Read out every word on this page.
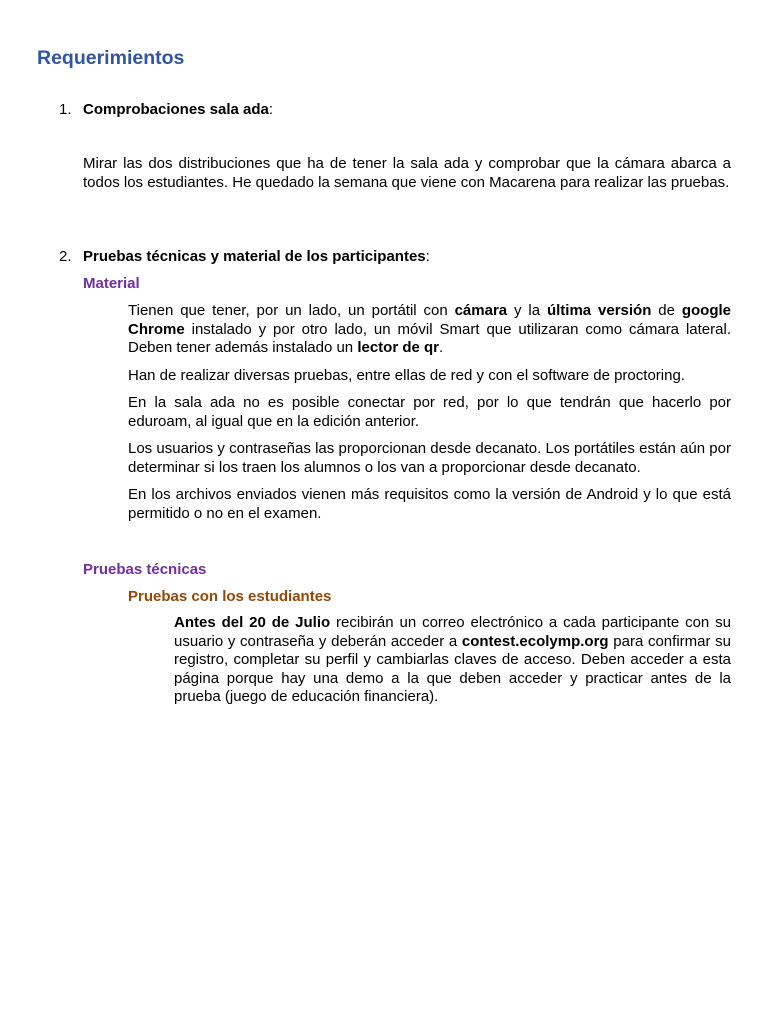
Requerimientos
1. Comprobaciones sala ada:

Mirar las dos distribuciones que ha de tener la sala ada y comprobar que la cámara abarca a todos los estudiantes. He quedado la semana que viene con Macarena para realizar las pruebas.

2. Pruebas técnicas y material de los participantes:
Material

Tienen que tener, por un lado, un portátil con cámara y la última versión de google Chrome instalado y por otro lado, un móvil Smart que utilizaran como cámara lateral. Deben tener además instalado un lector de qr.

Han de realizar diversas pruebas, entre ellas de red y con el software de proctoring.

En la sala ada no es posible conectar por red, por lo que tendrán que hacerlo por eduroam, al igual que en la edición anterior.

Los usuarios y contraseñas las proporcionan desde decanato. Los portátiles están aún por determinar si los traen los alumnos o los van a proporcionar desde decanato.

En los archivos enviados vienen más requisitos como la versión de Android y lo que está permitido o no en el examen.

Pruebas técnicas
Pruebas con los estudiantes

Antes del 20 de Julio recibirán un correo electrónico a cada participante con su usuario y contraseña y deberán acceder a contest.ecolymp.org para confirmar su registro, completar su perfil y cambiarlas claves de acceso. Deben acceder a esta página porque hay una demo a la que deben acceder y practicar antes de la prueba (juego de educación financiera).
